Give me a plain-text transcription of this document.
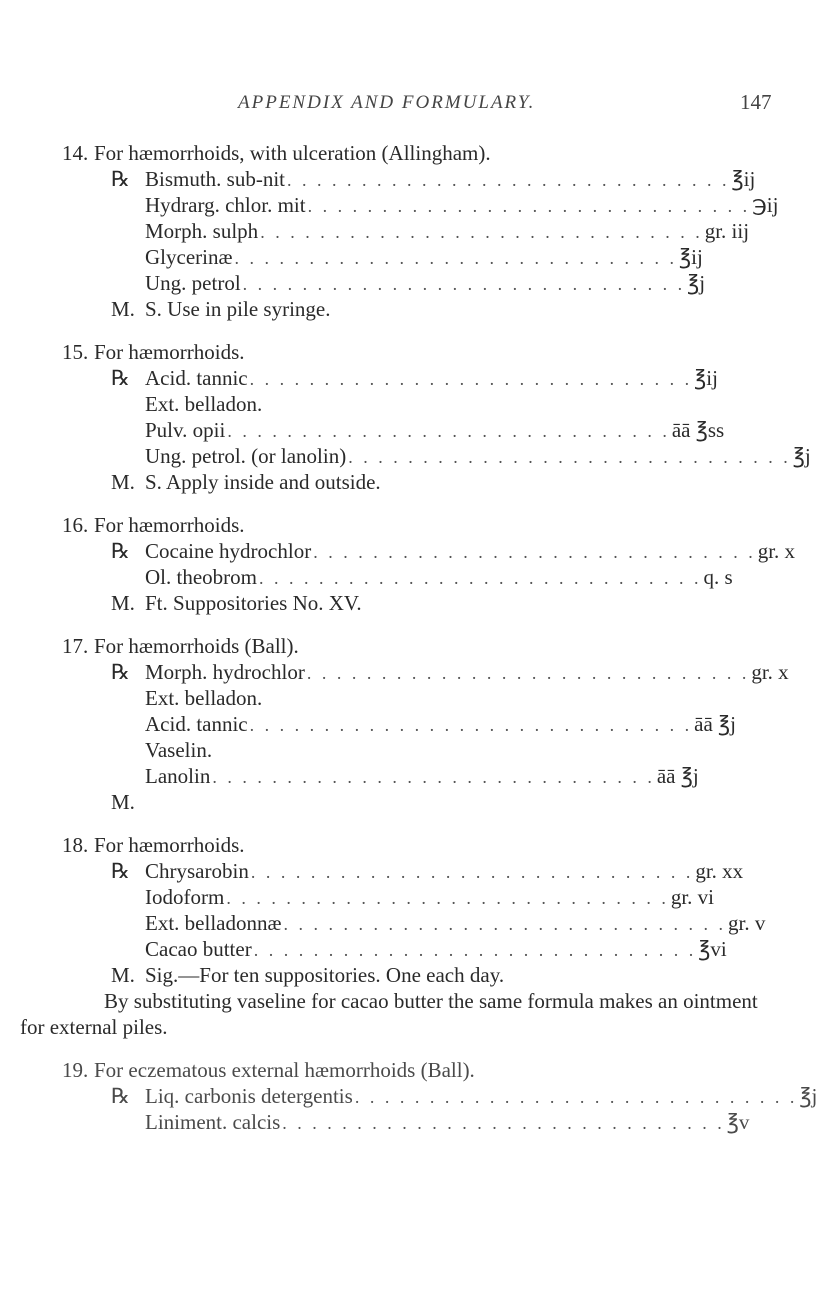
APPENDIX AND FORMULARY.	147
14. For hæmorrhoids, with ulceration (Allingham).
℞ Bismuth. sub-nit . . . . . . . . . . . . . . . . . . . . . . . . . . . . . . ℥ij
Hydrarg. chlor. mit . . . . . . . . . . . . . . . . . . . . . . . . . . . . . . ℈ij
Morph. sulph . . . . . . . . . . . . . . . . . . . . . . . . . . . . . . gr. iij
Glycerinæ . . . . . . . . . . . . . . . . . . . . . . . . . . . . . . ℥ij
Ung. petrol . . . . . . . . . . . . . . . . . . . . . . . . . . . . . . ℥j
M. S. Use in pile syringe.
15. For hæmorrhoids.
℞ Acid. tannic . . . . . . . . . . . . . . . . . . . . . . . . . . . . . . ℥ij
Ext. belladon.
Pulv. opii . . . . . . . . . . . . . . . . . . . . . . . . . . . . . . āā ℥ss
Ung. petrol. (or lanolin) . . . . . . . . . . . . . . . . . . . . . . . . . . . . . . ℥j
M. S. Apply inside and outside.
16. For hæmorrhoids.
℞ Cocaine hydrochlor . . . . . . . . . . . . . . . . . . . . . . . . . . . . . . gr. x
Ol. theobrom . . . . . . . . . . . . . . . . . . . . . . . . . . . . . . q. s
M. Ft. Suppositories No. XV.
17. For hæmorrhoids (Ball).
℞ Morph. hydrochlor . . . . . . . . . . . . . . . . . . . . . . . . . . . . . . gr. x
Ext. belladon.
Acid. tannic . . . . . . . . . . . . . . . . . . . . . . . . . . . . . . āā ℥j
Vaselin.
Lanolin . . . . . . . . . . . . . . . . . . . . . . . . . . . . . . āā ℥j
M.
18. For hæmorrhoids.
℞ Chrysarobin . . . . . . . . . . . . . . . . . . . . . . . . . . . . . . gr. xx
Iodoform . . . . . . . . . . . . . . . . . . . . . . . . . . . . . . gr. vi
Ext. belladonnæ . . . . . . . . . . . . . . . . . . . . . . . . . . . . . . gr. v
Cacao butter . . . . . . . . . . . . . . . . . . . . . . . . . . . . . . ℥vi
M. Sig.—For ten suppositories. One each day.

By substituting vaseline for cacao butter the same formula makes an ointment for external piles.

19. For eczematous external hæmorrhoids (Ball).
℞ Liq. carbonis detergentis . . . . . . . . . . . . . . . . . . . . . . . . . . . . . . ℥j
Liniment. calcis . . . . . . . . . . . . . . . . . . . . . . . . . . . . . . ℥v
